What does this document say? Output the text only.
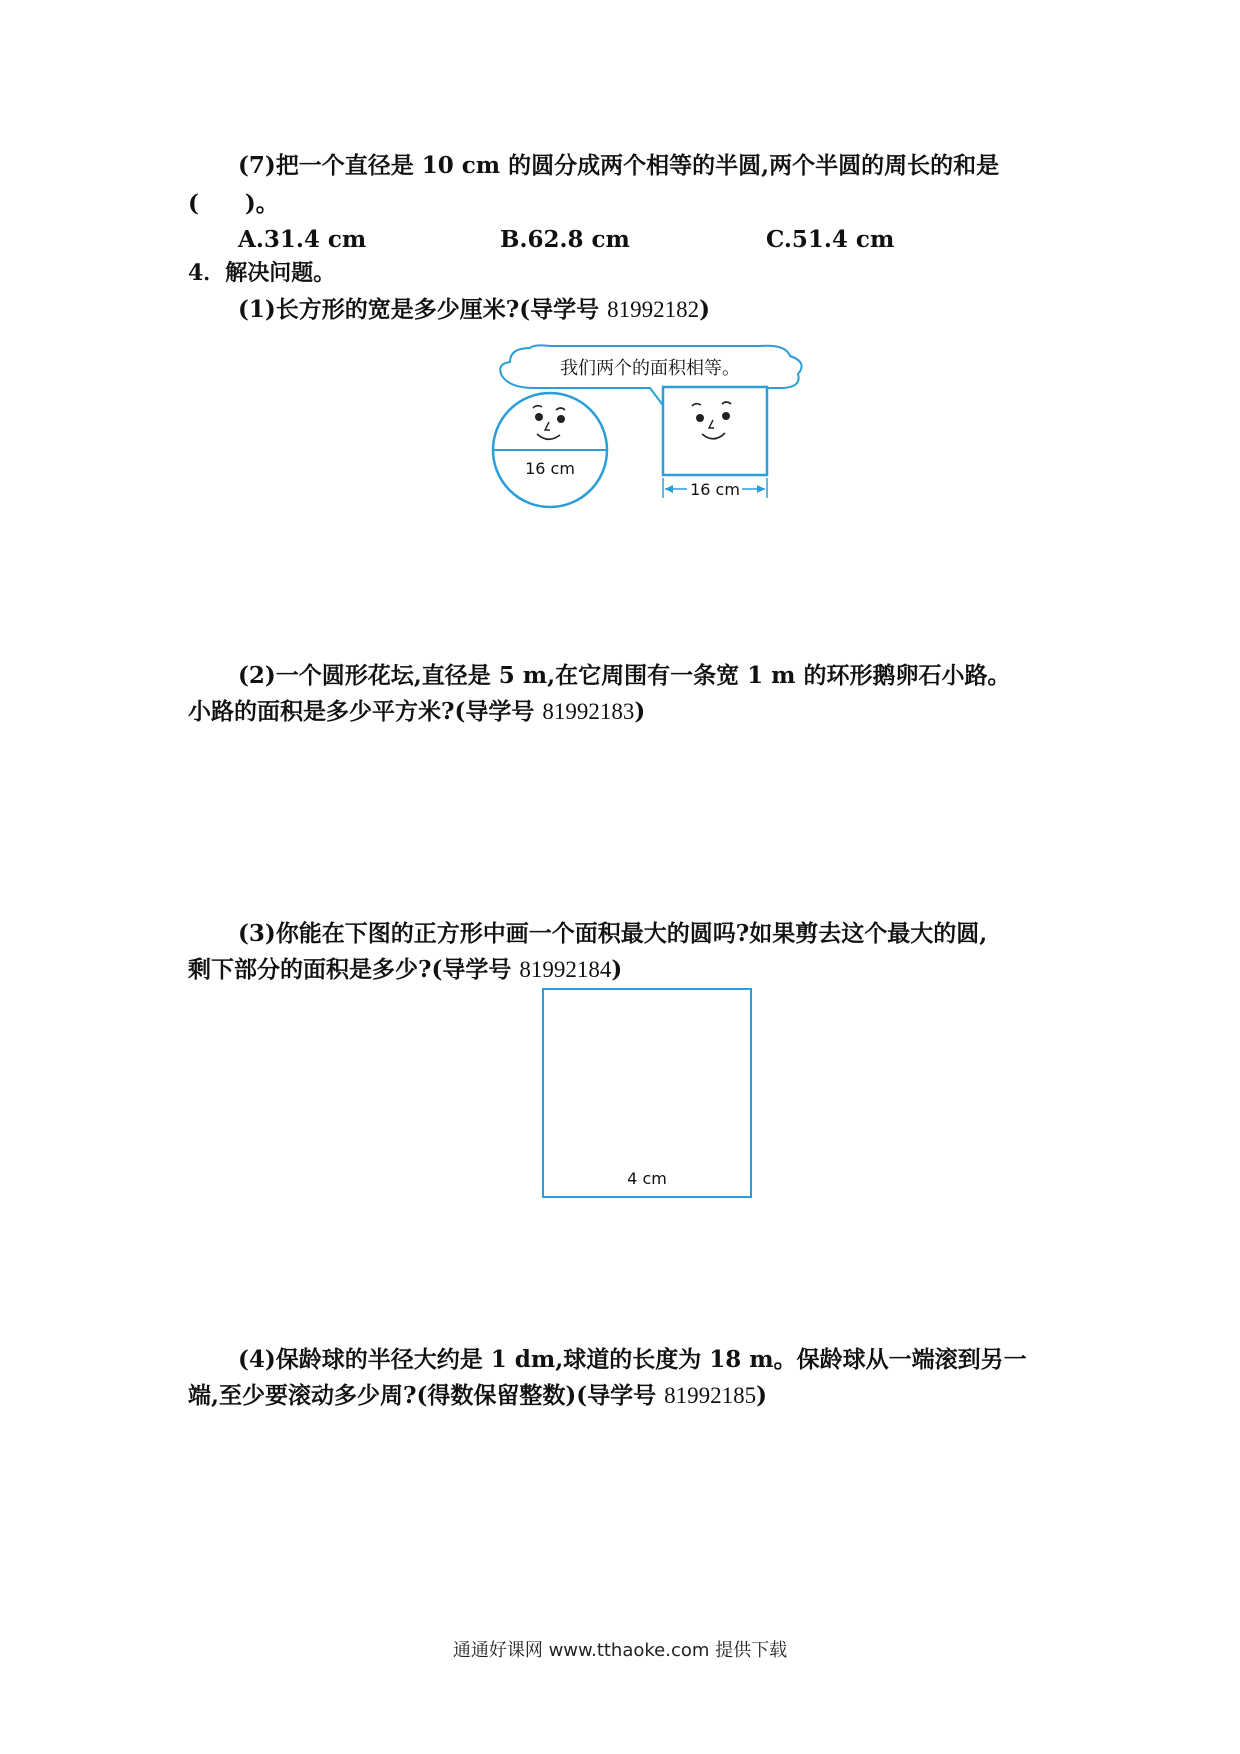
(7)把一个直径是 10 cm 的圆分成两个相等的半圆,两个半圆的周长的和是
(　　)。
A.31.4 cm	B.62.8 cm	C.51.4 cm
4．解决问题。
(1)长方形的宽是多少厘米?(导学号 81992182)
我们两个的面积相等。
16 cm
16 cm
(2)一个圆形花坛,直径是 5 m,在它周围有一条宽 1 m 的环形鹅卵石小路。
小路的面积是多少平方米?(导学号 81992183)
(3)你能在下图的正方形中画一个面积最大的圆吗?如果剪去这个最大的圆,
剩下部分的面积是多少?(导学号 81992184)
4 cm
(4)保龄球的半径大约是 1 dm,球道的长度为 18 m。保龄球从一端滚到另一
端,至少要滚动多少周?(得数保留整数)(导学号 81992185)
通通好课网 www.tthaoke.com 提供下载
